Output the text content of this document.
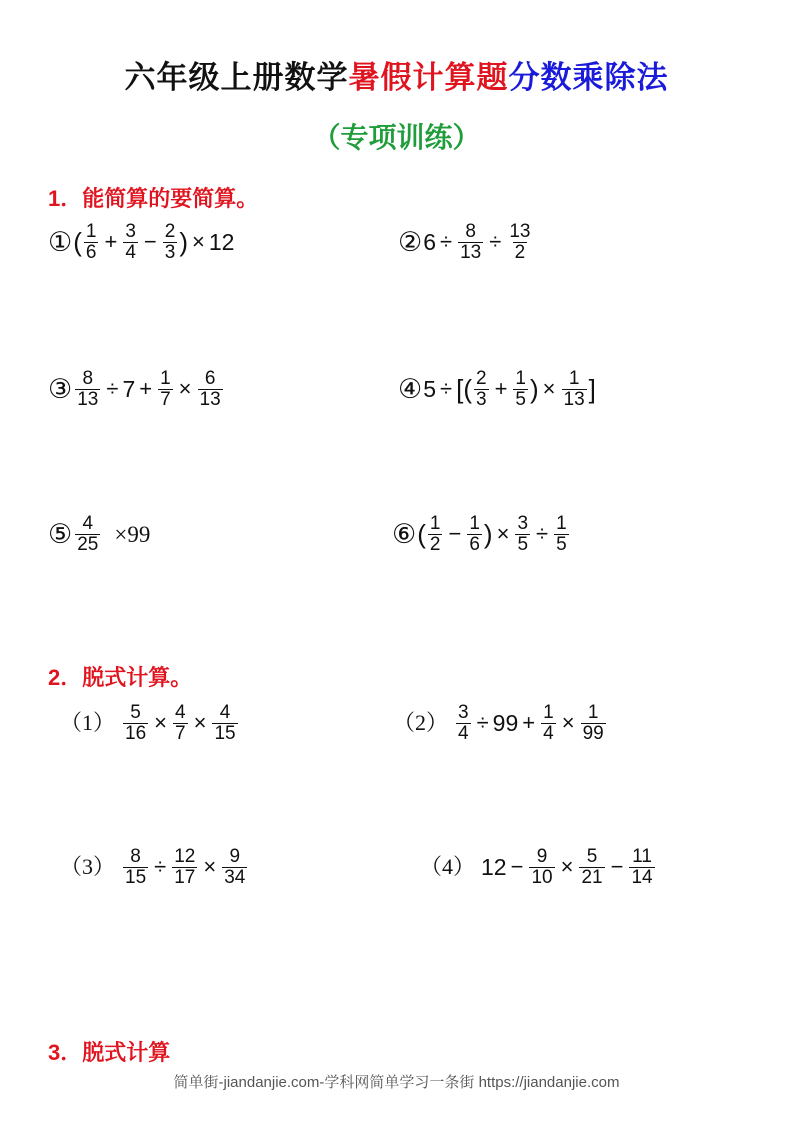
六年级上册数学暑假计算题分数乘除法
（专项训练）
1．能简算的要简算。
① ( $\frac{1}{6} + \frac{3}{4} - \frac{2}{3}$ ) × 12	② $6 \div \frac{8}{13} \div \frac{13}{2}$
③ $\frac{8}{13} \div 7 + \frac{1}{7} \times \frac{6}{13}$	④ 5 ÷ [( $\frac{2}{3} + \frac{1}{5}$ ) × $\frac{1}{13}$ ]
⑤ $\frac{4}{25} \times 99$	⑥ ( $\frac{1}{2} - \frac{1}{6}$ ) × $\frac{3}{5} \div \frac{1}{5}$
2．脱式计算。
$(1) \frac{5}{16} \times \frac{4}{7} \times \frac{4}{15}$	$(2) \frac{3}{4} \div 99 + \frac{1}{4} \times \frac{1}{99}$
$(3) \frac{8}{15} \div \frac{12}{17} \times \frac{9}{34}$	（4） $12 - \frac{9}{10} \times \frac{5}{21} - \frac{11}{14}$
3．脱式计算
简单街-jiandanjie.com-学科网简单学习一条街 https://jiandanjie.com
